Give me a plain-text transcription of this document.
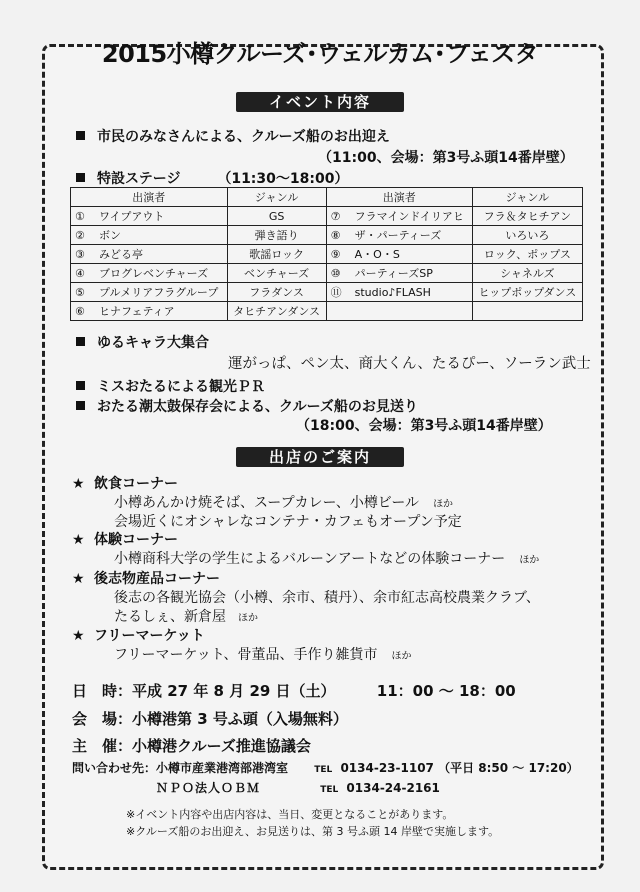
2015小樽クルーズ･ウェルカム･フェスタ
イベント内容
市民のみなさんによる、クルーズ船のお出迎え
（11:00、会場：第3号ふ頭14番岸壁）
特設ステージ	（11:30～18:00）
出演者		ジャンル	出演者		ジャンル
①	ワイプアウト	GS	⑦	フラマインドイリアヒ	フラ＆タヒチアン
②	ボン	弾き語り	⑧	ザ・パーティーズ	いろいろ
③	みどる亭	歌謡ロック	⑨	A・O・S	ロック、ポップス
④	ブログレベンチャーズ	ベンチャーズ	⑩	パーティーズSP	シャネルズ
⑤	プルメリアフラグループ	フラダンス	⑪	studio♪FLASH	ヒップポップダンス
⑥	ヒナフェティア	タヒチアンダンス			
ゆるキャラ大集合
運がっぱ、ペン太、商大くん、たるぴー、ソーラン武士
ミスおたるによる観光ＰＲ
おたる潮太鼓保存会による、クルーズ船のお見送り
（18:00、会場：第3号ふ頭14番岸壁）
出店のご案内
★ 飲食コーナー
小樽あんかけ焼そば、スープカレー、小樽ビール ほか
会場近くにオシャレなコンテナ・カフェもオープン予定
★ 体験コーナー
小樽商科大学の学生によるバルーンアートなどの体験コーナー ほか
★ 後志物産品コーナー
後志の各観光協会（小樽、余市、積丹）、余市紅志高校農業クラブ、
たるしぇ、新倉屋 ほか
★ フリーマーケット
フリーマーケット、骨董品、手作り雑貨市 ほか
日　時：平成 27 年 8 月 29 日（土）	11：00 ～ 18：00
会　場：小樽港第 3 号ふ頭（入場無料）
主　催：小樽港クルーズ推進協議会
問い合わせ先：小樽市産業港湾部港湾室	TEL 0134-23-1107 （平日 8:50 ～ 17:20）
ＮＰＯ法人ＯＢＭ	TEL 0134-24-2161
※イベント内容や出店内容は、当日、変更となることがあります。
※クルーズ船のお出迎え、お見送りは、第 3 号ふ頭 14 岸壁で実施します。
